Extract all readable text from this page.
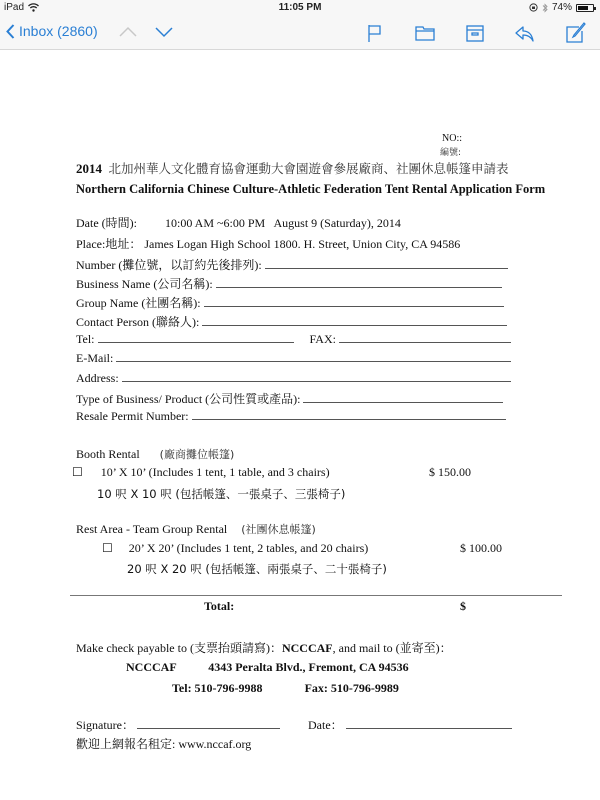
iPad	11:05 PM	74%
Inbox (2860)
NO::
編號:
2014 北加州華人文化體育協會運動大會園遊會參展廠商、社團休息帳篷申請表
Northern California Chinese Culture-Athletic Federation Tent Rental Application Form
Date (時間): 10:00 AM ~6:00 PM   August 9 (Saturday), 2014
Place:地址： James Logan High School 1800. H. Street, Union City, CA 94586
Number (攤位號，以訂約先後排列):
Business Name (公司名稱):
Group Name (社團名稱):
Contact Person (聯絡人):
Tel:	FAX:
E-Mail:
Address:
Type of Business/ Product (公司性質或產品):
Resale Permit Number:
Booth Rental (廠商攤位帳篷)
☐ 10’ X 10’ (Includes 1 tent, 1 table, and 3 chairs)	$ 150.00
10 呎 X 10 呎 (包括帳篷、一張桌子、三張椅子)
Rest Area - Team Group Rental (社團休息帳篷)
☐ 20’ X 20’ (Includes 1 tent, 2 tables, and 20 chairs)	$ 100.00
20 呎 X 20 呎 (包括帳篷、兩張桌子、二十張椅子)
Total:	$
Make check payable to (支票抬頭請寫)：NCCCAF, and mail to (並寄至)：
NCCCAF	4343 Peralta Blvd., Fremont, CA 94536
Tel: 510-796-9988	Fax: 510-796-9989
Signature：	Date：
歡迎上網報名租定: www.nccaf.org
